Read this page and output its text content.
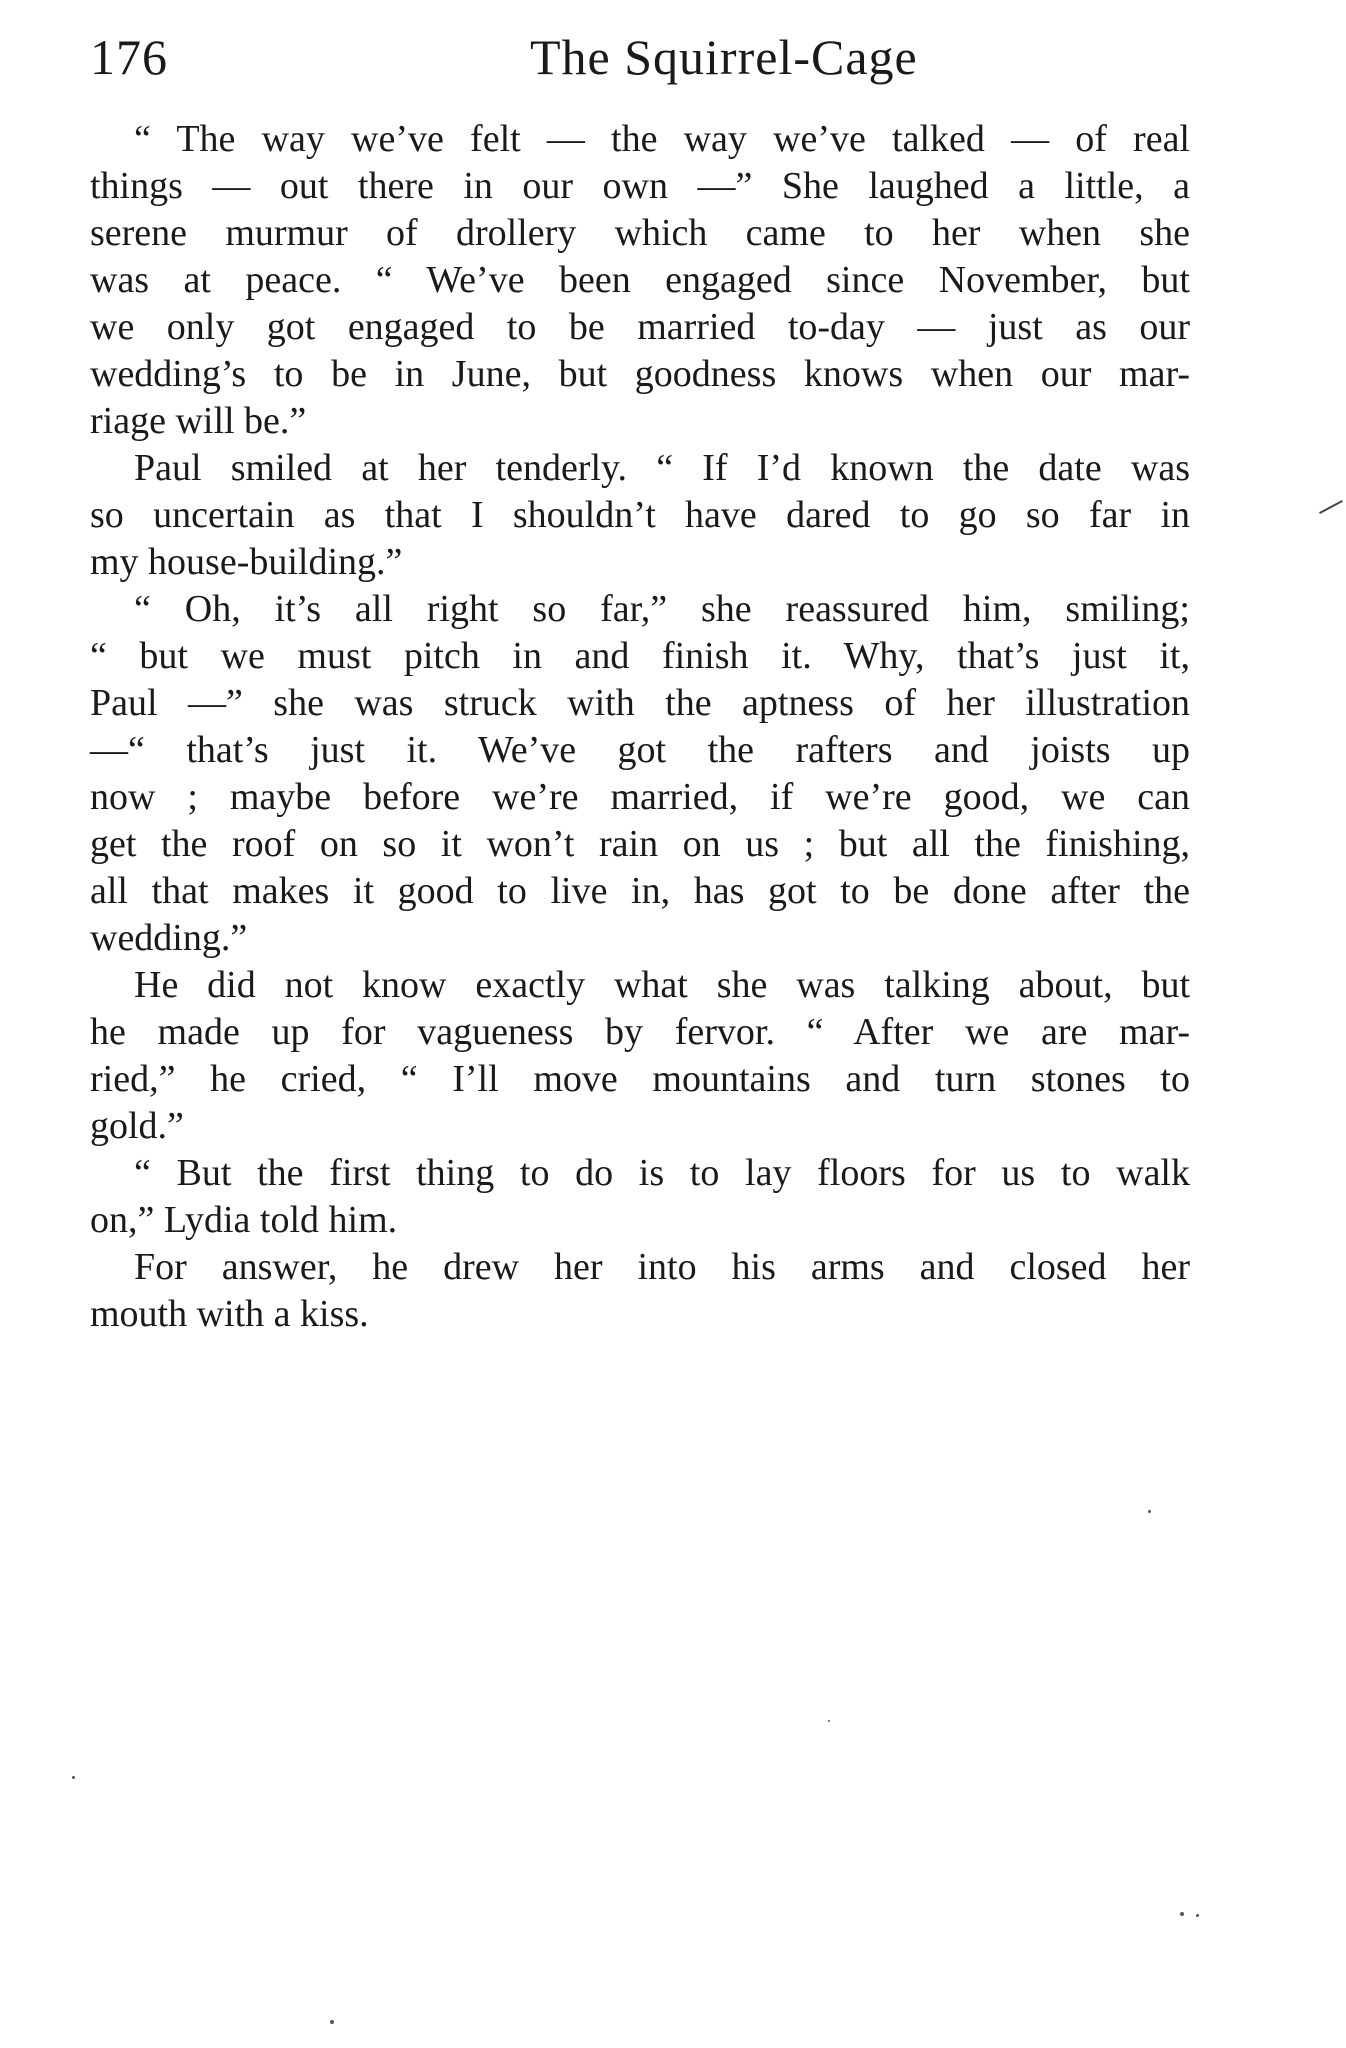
176	The Squirrel-Cage

“ The way we’ve felt — the way we’ve talked — of real
things — out there in our own —” She laughed a little, a
serene murmur of drollery which came to her when she
was at peace. “ We’ve been engaged since November, but
we only got engaged to be married to-day — just as our
wedding’s to be in June, but goodness knows when our mar-
riage will be.”

Paul smiled at her tenderly. “ If I’d known the date was
so uncertain as that I shouldn’t have dared to go so far in
my house-building.”

“ Oh, it’s all right so far,” she reassured him, smiling;
“ but we must pitch in and finish it. Why, that’s just it,
Paul —” she was struck with the aptness of her illustration
—“ that’s just it. We’ve got the rafters and joists up
now ; maybe before we’re married, if we’re good, we can
get the roof on so it won’t rain on us ; but all the finishing,
all that makes it good to live in, has got to be done after the
wedding.”

He did not know exactly what she was talking about, but
he made up for vagueness by fervor. “ After we are mar-
ried,” he cried, “ I’ll move mountains and turn stones to
gold.”

“ But the first thing to do is to lay floors for us to walk
on,” Lydia told him.

For answer, he drew her into his arms and closed her
mouth with a kiss.
